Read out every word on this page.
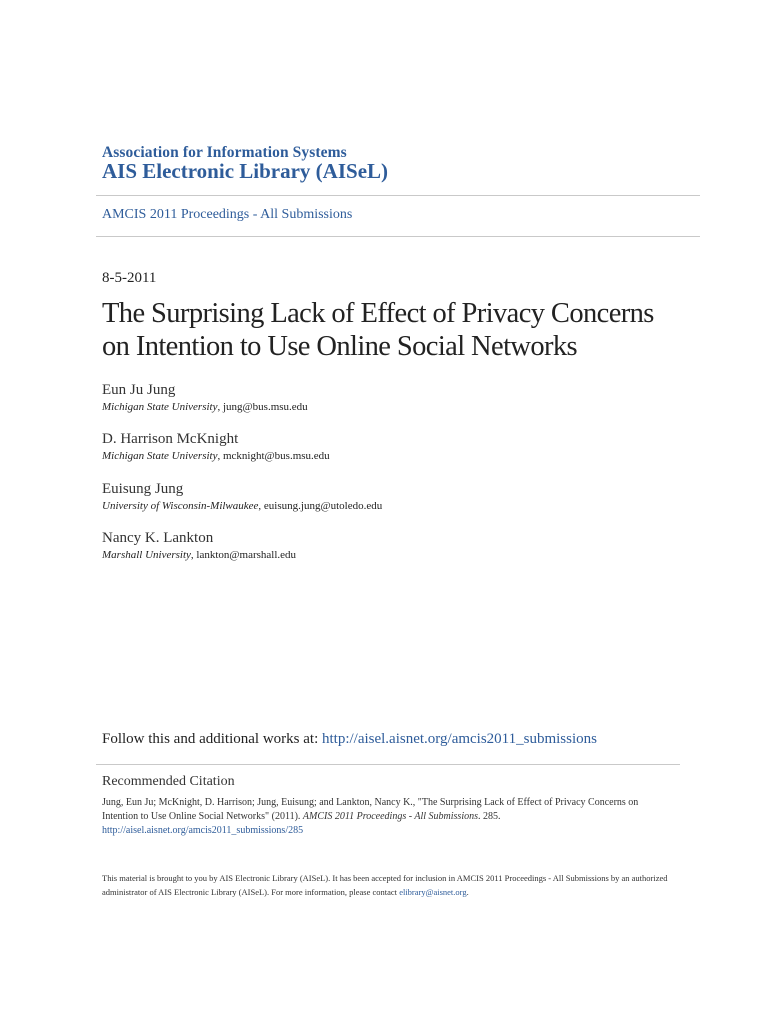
Association for Information Systems
AIS Electronic Library (AISeL)
AMCIS 2011 Proceedings - All Submissions
8-5-2011
The Surprising Lack of Effect of Privacy Concerns
on Intention to Use Online Social Networks
Eun Ju Jung
Michigan State University, jung@bus.msu.edu
D. Harrison McKnight
Michigan State University, mcknight@bus.msu.edu
Euisung Jung
University of Wisconsin-Milwaukee, euisung.jung@utoledo.edu
Nancy K. Lankton
Marshall University, lankton@marshall.edu
Follow this and additional works at: http://aisel.aisnet.org/amcis2011_submissions
Recommended Citation
Jung, Eun Ju; McKnight, D. Harrison; Jung, Euisung; and Lankton, Nancy K., "The Surprising Lack of Effect of Privacy Concerns on Intention to Use Online Social Networks" (2011). AMCIS 2011 Proceedings - All Submissions. 285.
http://aisel.aisnet.org/amcis2011_submissions/285
This material is brought to you by AIS Electronic Library (AISeL). It has been accepted for inclusion in AMCIS 2011 Proceedings - All Submissions by an authorized administrator of AIS Electronic Library (AISeL). For more information, please contact elibrary@aisnet.org.
